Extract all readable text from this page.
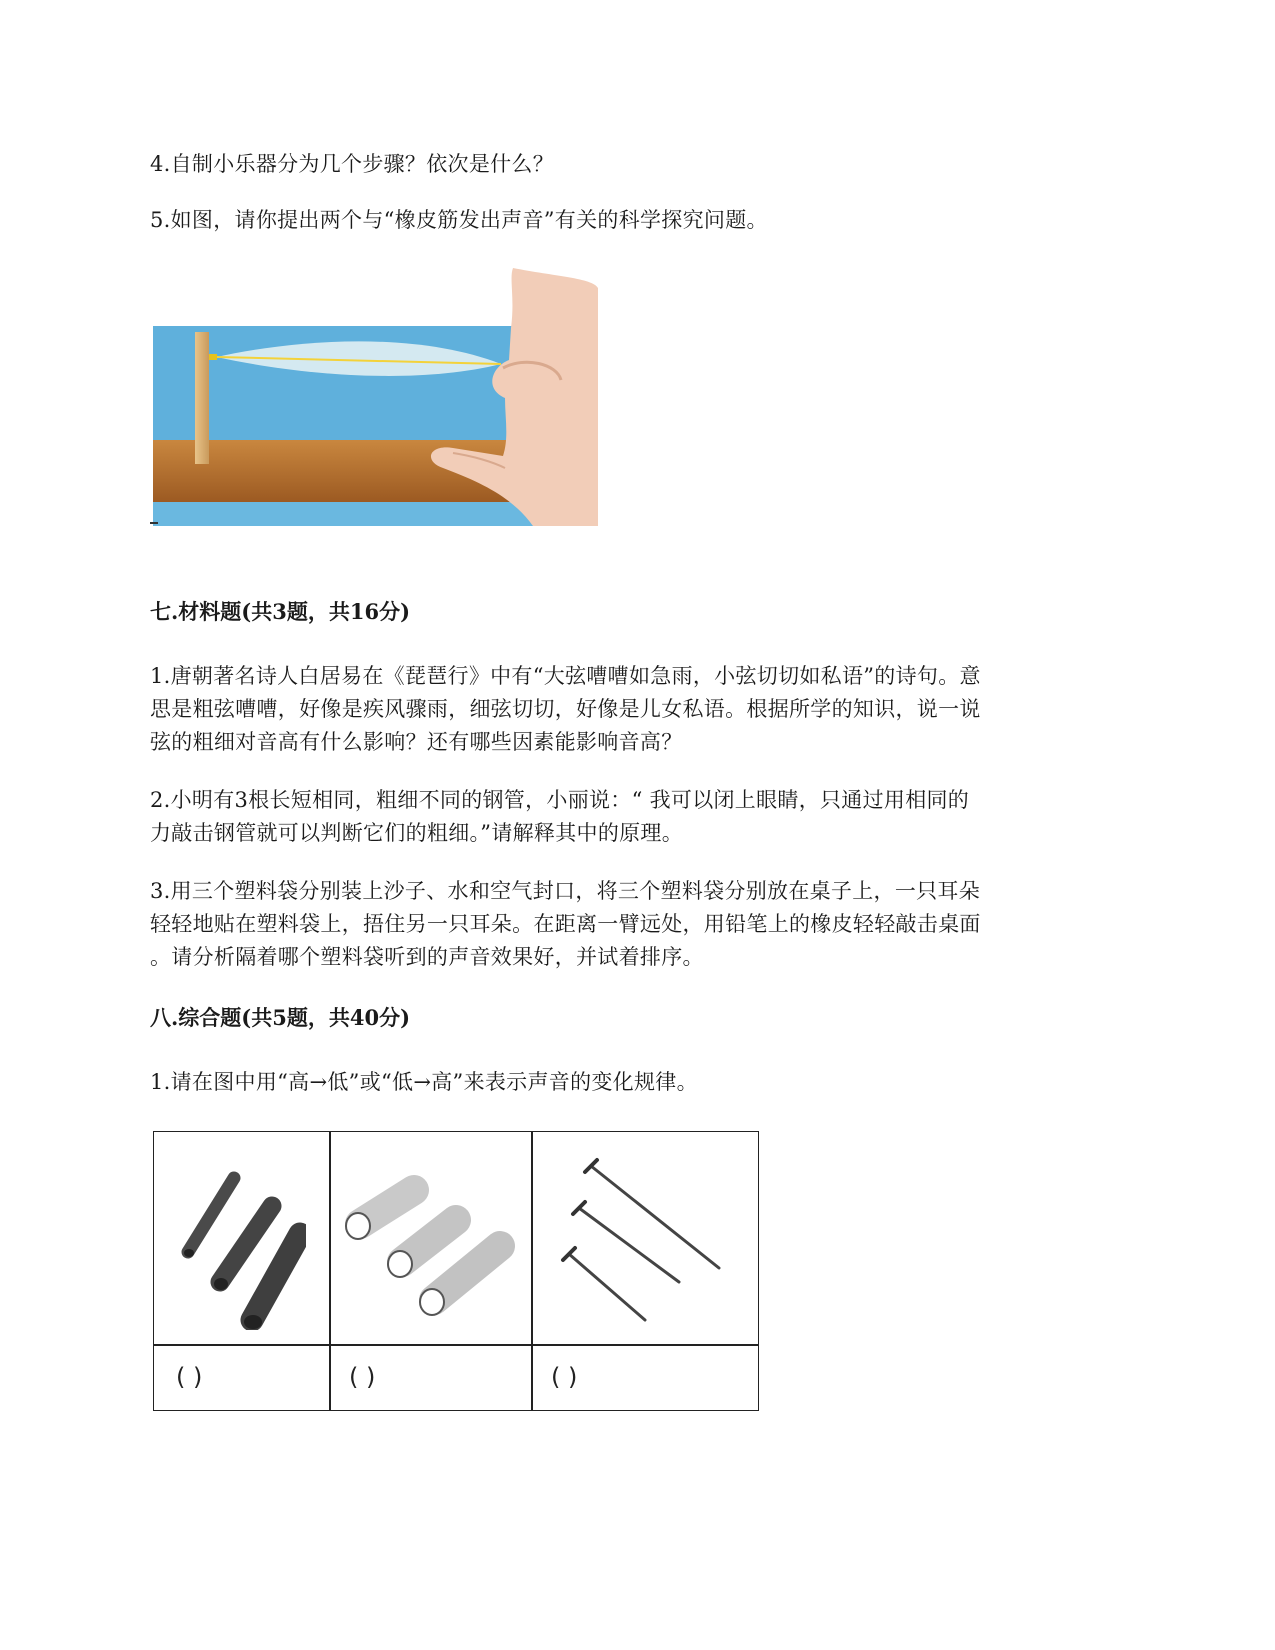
4.自制小乐器分为几个步骤？依次是什么？
5.如图，请你提出两个与“橡皮筋发出声音”有关的科学探究问题。
七.材料题(共3题，共16分)
1.唐朝著名诗人白居易在《琵琶行》中有“大弦嘈嘈如急雨，小弦切切如私语”的诗句。意
思是粗弦嘈嘈，好像是疾风骤雨，细弦切切，好像是儿女私语。根据所学的知识，说一说
弦的粗细对音高有什么影响？还有哪些因素能影响音高？
2.小明有3根长短相同，粗细不同的钢管，小丽说：“ 我可以闭上眼睛，只通过用相同的
力敲击钢管就可以判断它们的粗细。”请解释其中的原理。
3.用三个塑料袋分别装上沙子、水和空气封口，将三个塑料袋分别放在桌子上，一只耳朵
轻轻地贴在塑料袋上，捂住另一只耳朵。在距离一臂远处，用铅笔上的橡皮轻轻敲击桌面
。请分析隔着哪个塑料袋听到的声音效果好，并试着排序。
八.综合题(共5题，共40分)
1.请在图中用“高→低”或“低→高”来表示声音的变化规律。
( )	( )	( )
